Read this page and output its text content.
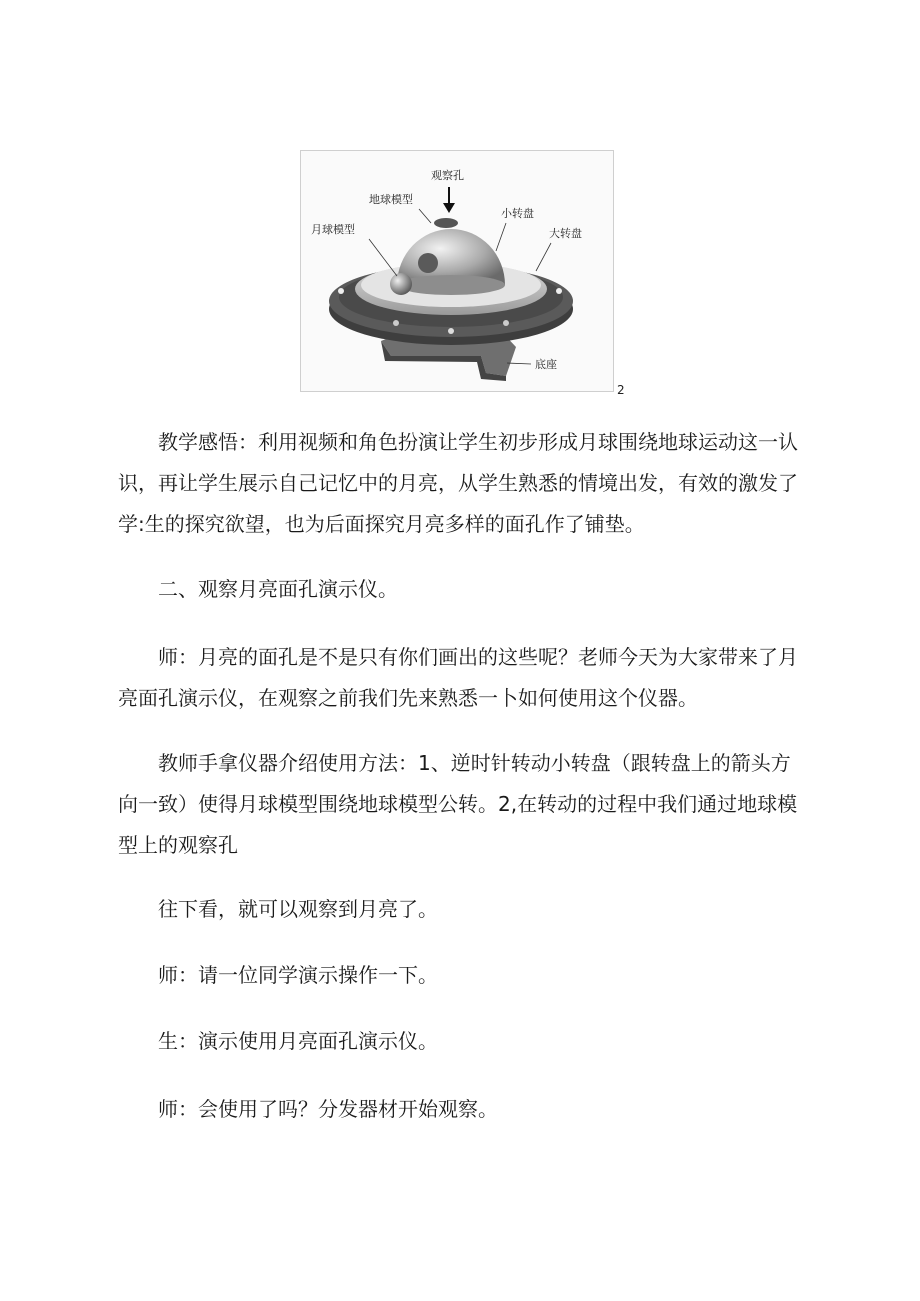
观察孔
地球模型
月球模型
小转盘
大转盘
底座
2

教学感悟：利用视频和角色扮演让学生初步形成月球围绕地球运动这一认识，再让学生展示自己记忆中的月亮，从学生熟悉的情境出发，有效的激发了学:生的探究欲望，也为后面探究月亮多样的面孔作了铺垫。

二、观察月亮面孔演示仪。

师：月亮的面孔是不是只有你们画出的这些呢？老师今天为大家带来了月亮面孔演示仪，在观察之前我们先来熟悉一卜如何使用这个仪器。

教师手拿仪器介绍使用方法：1、逆时针转动小转盘（跟转盘上的箭头方向一致）使得月球模型围绕地球模型公转。2,在转动的过程中我们通过地球模型上的观察孔

往下看，就可以观察到月亮了。

师：请一位同学演示操作一下。

生：演示使用月亮面孔演示仪。

师：会使用了吗？分发器材开始观察。
